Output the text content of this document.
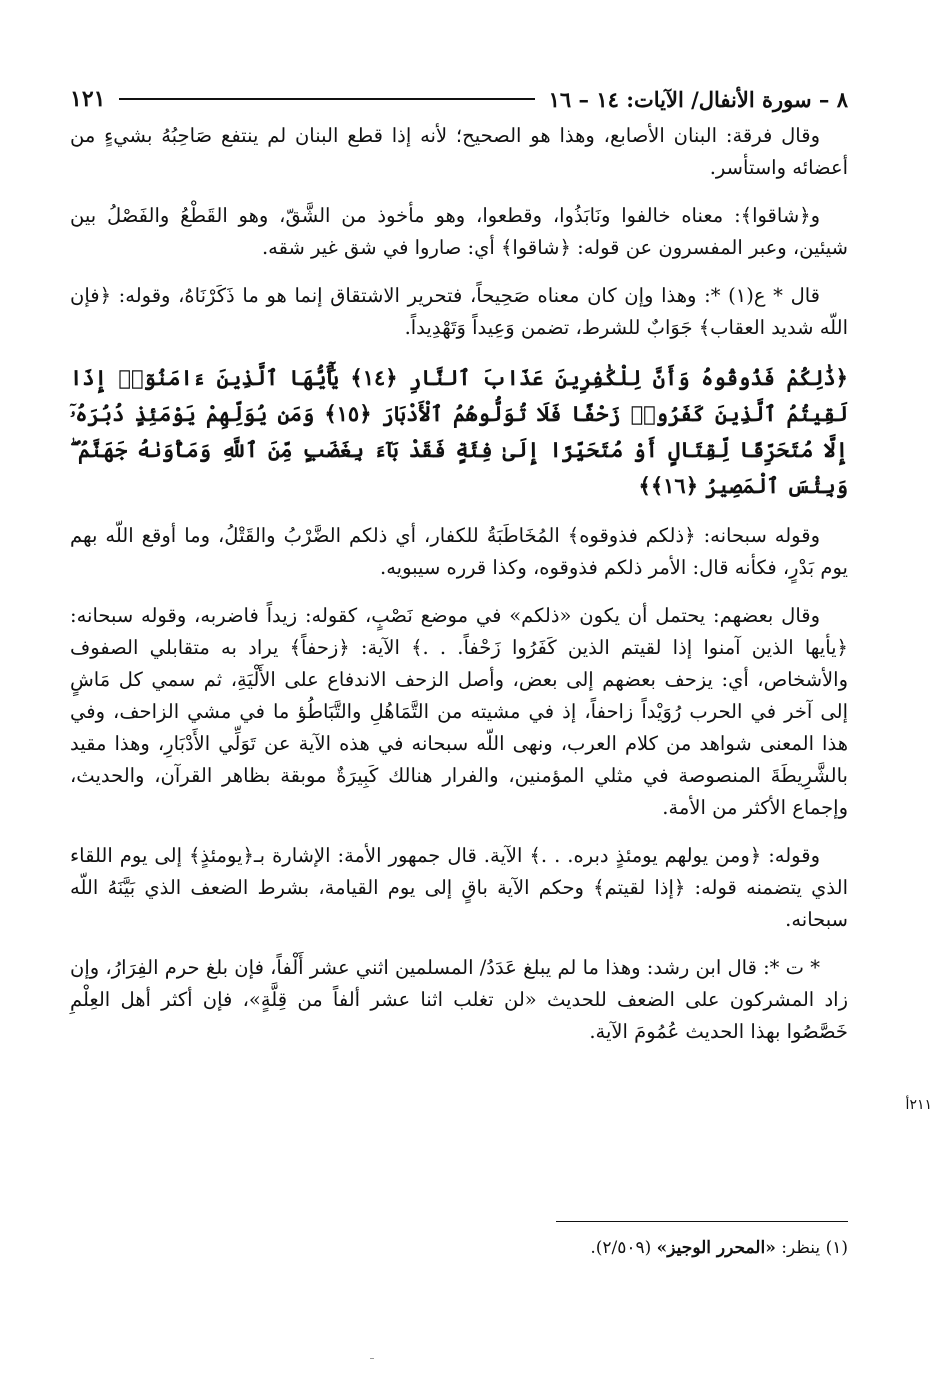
٨ – سورة الأنفال/ الآيات: ١٤ – ١٦
١٢١

وقال فرقة: البنان الأصابع، وهذا هو الصحيح؛ لأنه إذا قطع البنان لم ينتفع صَاحِبُهُ بشيءٍ من أعضائه واستأسر.

و﴿شاقوا﴾: معناه خالفوا ونَابَذُوا، وقطعوا، وهو مأخوذ من الشَّقّ، وهو القَطْعُ والفَصْلُ بين شيئين، وعبر المفسرون عن قوله: ﴿شاقوا﴾ أي: صاروا في شق غير شقه.

قال * ع(١) *: وهذا وإن كان معناه صَحِيحاً، فتحرير الاشتقاق إنما هو ما ذَكَرْنَاهُ، وقوله: ﴿فإن اللّه شديد العقاب﴾ جَوَابٌ للشرط، تضمن وَعِيداً وَتَهْدِيداً.

﴿ذَٰلِكُمْ فَذُوقُوهُ وَأَنَّ لِلْكَٰفِرِينَ عَذَابَ ٱلنَّارِ ﴿١٤﴾ يَٰٓأَيُّهَا ٱلَّذِينَ ءَامَنُوٓا۟ إِذَا لَقِيتُمُ ٱلَّذِينَ كَفَرُوا۟ زَحْفًا فَلَا تُوَلُّوهُمُ ٱلْأَدْبَارَ ﴿١٥﴾ وَمَن يُوَلِّهِمْ يَوْمَئِذٍ دُبُرَهُۥٓ إِلَّا مُتَحَرِّفًا لِّقِتَالٍ أَوْ مُتَحَيِّزًا إِلَىٰ فِئَةٍ فَقَدْ بَآءَ بِغَضَبٍ مِّنَ ٱللَّهِ وَمَأْوَىٰهُ جَهَنَّمُ ۖ وَبِئْسَ ٱلْمَصِيرُ ﴿١٦﴾﴾

وقوله سبحانه: ﴿ذلكم فذوقوه﴾ المُخَاطَبَةُ للكفار، أي ذلكم الضَّرْبُ والقَتْلُ، وما أوقع اللّه بهم يوم بَدْرٍ، فكأنه قال: الأمر ذلكم فذوقوه، وكذا قرره سيبويه.

وقال بعضهم: يحتمل أن يكون «ذلكم» في موضع نَصْبٍ، كقوله: زيداً فاضربه، وقوله سبحانه: ﴿يأيها الذين آمنوا إذا لقيتم الذين كَفَرُوا زَحْفاً. . .﴾ الآية: ﴿زحفاً﴾ يراد به متقابلي الصفوف والأشخاص، أي: يزحف بعضهم إلى بعض، وأصل الزحف الاندفاع على الأَلْيَةِ، ثم سمي كل مَاشٍ إلى آخر في الحرب رُوَيْداً زاحفاً، إذ في مشيته من التَّمَاهُلِ والتَّبَاطُؤ ما في مشي الزاحف، وفي هذا المعنى شواهد من كلام العرب، ونهى اللّه سبحانه في هذه الآية عن تَوَلِّي الأَدْبَارِ، وهذا مقيد بالشَّرِيطَةَ المنصوصة في مثلي المؤمنين، والفرار هنالك كَبِيرَةٌ موبقة بظاهر القرآن، والحديث، وإجماع الأكثر من الأمة.

وقوله: ﴿ومن يولهم يومئذٍ دبره. . .﴾ الآية. قال جمهور الأمة: الإشارة بـ﴿يومئذٍ﴾ إلى يوم اللقاء الذي يتضمنه قوله: ﴿إذا لقيتم﴾ وحكم الآية باقٍ إلى يوم القيامة، بشرط الضعف الذي بَيَّنَهُ اللّه سبحانه.

* ت *: قال ابن رشد: وهذا ما لم يبلغ عَدَدُ/ المسلمين اثني عشر أَلْفاً، فإن بلغ حرم الفِرَارُ، وإن زاد المشركون على الضعف للحديث «لن تغلب اثنا عشر ألفاً من قِلَّةٍ»، فإن أكثر أهل العِلْمِ خَصَّصُوا بهذا الحديث عُمُومَ الآية.

٢١١أ
(١) ينظر: «المحرر الوجيز» (٢/٥٠٩).
